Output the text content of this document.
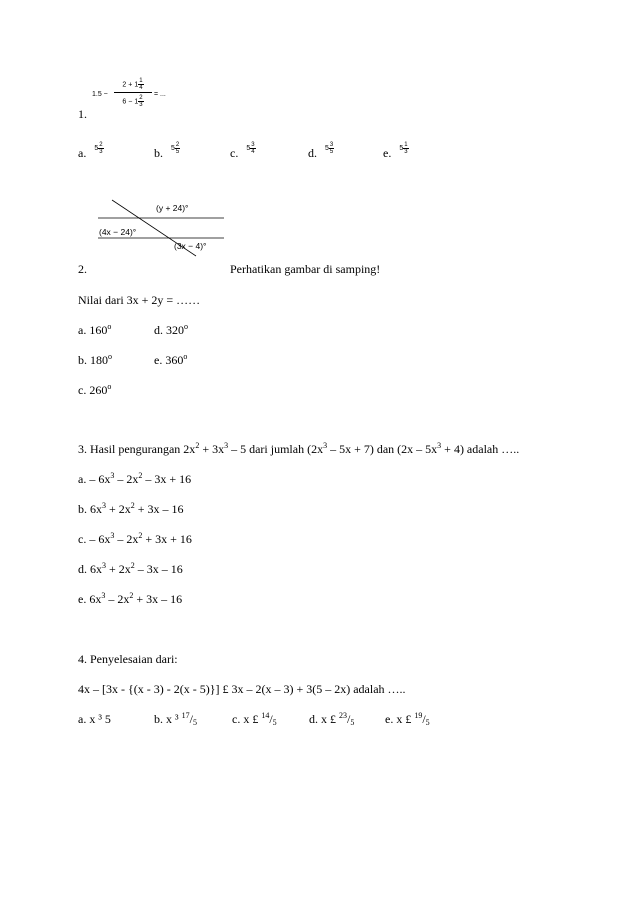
1.5 −
$2 + 1 \frac{1}{4}$
$6 - 1 \frac{2}{3}$
= ...
1.
a. $^{5 \frac{2}{3}}$	b. $^{5 \frac{2}{5}}$	c. $^{5 \frac{3}{4}}$	d. $^{5 \frac{3}{5}}$	e. $^{5 \frac{1}{3}}$
(y + 24)°
(4x − 24)°
(3x − 4)°
2.	Perhatikan gambar di samping!
Nilai dari 3x + 2y = ……
a. 160$^o$	d. 320$^o$
b. 180$^o$	e. 360$^o$
c. 260$^o$
3. Hasil pengurangan $2x^2 + 3x^3 - 5$ dari jumlah $(2x^3 - 5x + 7)$ dan $(2x - 5x^3 + 4)$ adalah …..
a. – $6x^3 - 2x^2 - 3x + 16$
b. $6x^3 + 2x^2 + 3x - 16$
c. – $6x^3 - 2x^2 + 3x + 16$
d. $6x^3 + 2x^2 - 3x - 16$
e. $6x^3 - 2x^2 + 3x - 16$
4. Penyelesaian dari:
4x – [3x - {(x - 3) - 2(x - 5)}] £ 3x – 2(x – 3) + 3(5 – 2x) adalah …..
a. x ³ 5	b. x ³ $^{17}/_5$	c. x £ $^{14}/_5$	d. x £ $^{23}/_5$	e. x £ $^{19}/_5$
